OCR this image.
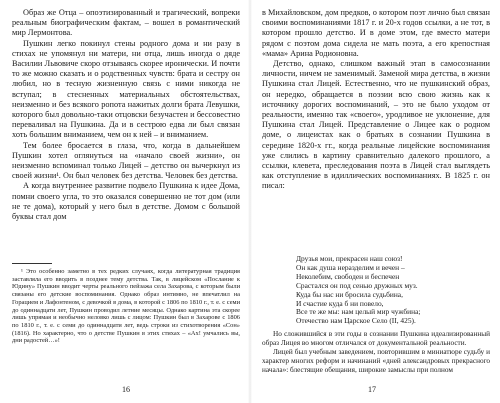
Образ же Отца – опоэтизированный и трагический, вопреки реальным биографическим фактам, – вошел в романтический мир Лермонтова.

Пушкин легко покинул стены родного дома и ни разу в стихах не упомянул ни матери, ни отца, лишь иногда о дяде Василии Львовиче скоро отзываясь скорее иронически. И почти то же можно сказать и о родственных чувств: брата и сестру он любил, но в тесную жизненную связь с ними никогда не вступал; в стесненных материальных обстоятельствах, неизменно и без всякого ропота нажитых долги брата Левушки, которого был довольно-таки отцовски безучастен и бессовестно переваливал на Пушкина. Да и в сестрою едва ли был связан хоть большим вниманием, чем он к ней – и вниманием.

Тем более бросается в глаза, что, когда в дальнейшем Пушкин хотел оглянуться на «начало своей жизни», он неизменно вспоминал только Лицей – детство он вычеркнул из своей жизни¹. Он был человек без детства. Человек без детства.

А когда внутреннее развитие подвело Пушкина к идее Дома, помни своего угла, то это оказался совершенно не тот дом (или не те дома), который у него был в детстве. Домом с большой буквы стал дом

¹ Это особенно заметно в тех редких случаях, когда литературная традиция заставляла его вводить в позднее тему детства. Так, в лицейском «Послание к Юдину» Пушкин вводит черты реального пейзажа села Захарова, с которым были связаны его детские воспоминания. Однако образ интимно, не впечатлил на Горацием и Лафонтеном, с девочкой в дома, в которой с 1806 по 1810 г., т. е. с семи до одиннадцати лет, Пушкин проводил летние месяцы. Однако картина эта скорее лишь упрямая и необычно неловко лишь с лицом: Пушкин был в Захарове с 1806 по 1810 г., т. е. с семи до одиннадцати лет, ведь строки из стихотворения «Сон» (1816). Но характерно, что о детстве Пушкин в этих стихах – «Ах! умчались вы, дни радостей…»!

16

в Михайловском, дом предков, о котором поэт лично был связан своими воспоминаниями 1817 г. и 20-х годов ссылки, а не тот, в котором прошло детство. И в доме этом, где вместо матери рядом с поэтом дома сидела не мать поэта, а его крепостная «мама» Арина Родионовна.

Детство, однако, слишком важный этап в самосознании личности, ничем не заменимый. Заменой мира детства, в жизни Пушкина стал Лицей. Естественно, что не пушкинский образ, он нередко, обращается в поэзии всю свою жизнь как к источнику дорогих воспоминаний, – это не было уходом от реальности, именно так «своего», уродливое не уклонение, для Пушкина стал Лицей. Представление о Лицее как о родном доме, о лицеистах как о братьях в сознании Пушкина в середине 1820-х гг., когда реальные лицейские воспоминания уже слились в картину сравнительно далекого прошлого, а ссылки, клевета, преследования поэта в Лицей стал выглядеть как отступление в идиллических воспоминаниях. В 1825 г. он писал:

Друзья мои, прекрасен наш союз!
Он как душа неразделим и вечен –
Неколебим, свободен и беспечен
Срастался он под сенью дружных муз.
Куда бы нас ни бросила судьбина,
И счастие куда б ни повело,
Все те же мы: нам целый мир чужбина;
Отечество нам Царское Село (II, 425).

Но сложившийся в эти годы в сознании Пушкина идеализированный образ Лицея во многом отличался от документальной реальности.

Лицей был учебным заведением, повторившим в миниатюре судьбу и характер многих реформ и начинаний «дней александровых прекрасного начала»: блестящие обещания, широкие замыслы при полном

17
